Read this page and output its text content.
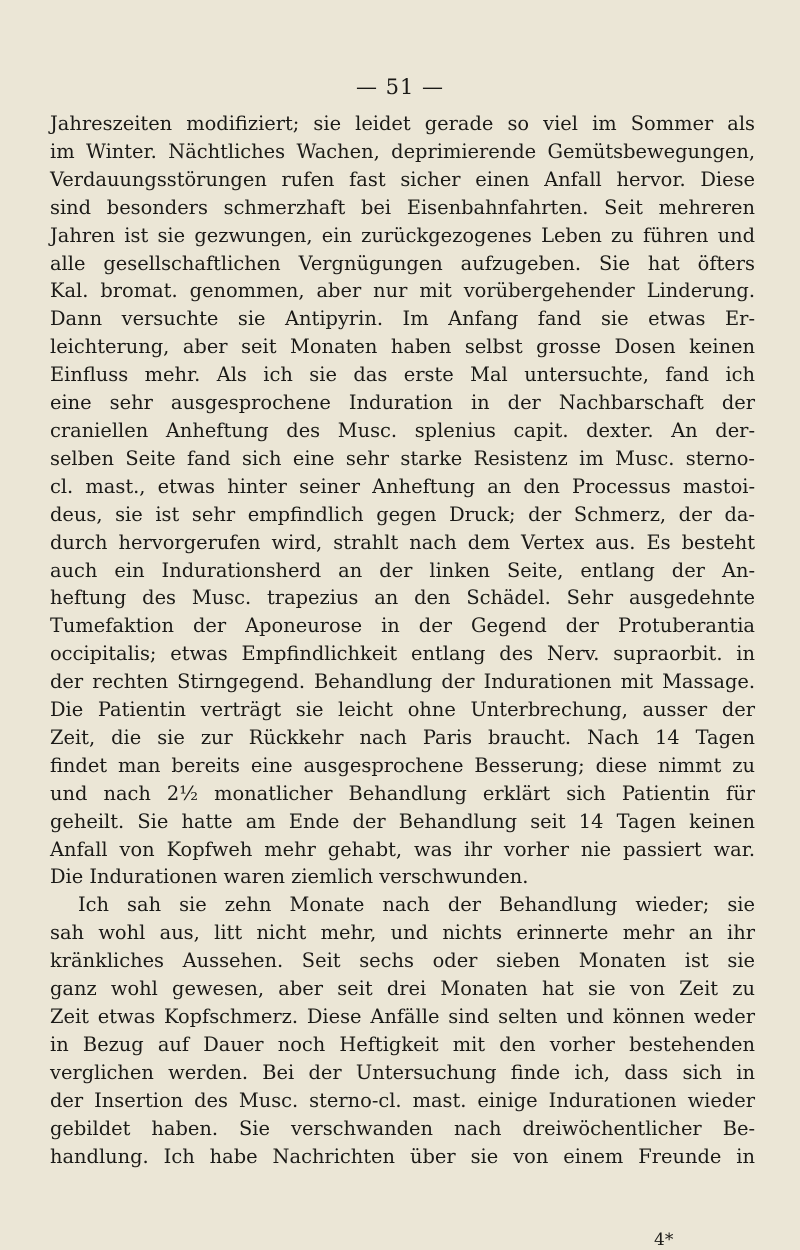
— 51 —
Jahreszeiten modifiziert; sie leidet gerade so viel im Sommer als
im Winter. Nächtliches Wachen, deprimierende Gemütsbewegungen,
Verdauungsstörungen rufen fast sicher einen Anfall hervor. Diese
sind besonders schmerzhaft bei Eisenbahnfahrten. Seit mehreren
Jahren ist sie gezwungen, ein zurückgezogenes Leben zu führen und
alle gesellschaftlichen Vergnügungen aufzugeben. Sie hat öfters
Kal. bromat. genommen, aber nur mit vorübergehender Linderung.
Dann versuchte sie Antipyrin. Im Anfang fand sie etwas Er-
leichterung, aber seit Monaten haben selbst grosse Dosen keinen
Einfluss mehr. Als ich sie das erste Mal untersuchte, fand ich
eine sehr ausgesprochene Induration in der Nachbarschaft der
craniellen Anheftung des Musc. splenius capit. dexter. An der-
selben Seite fand sich eine sehr starke Resistenz im Musc. sterno-
cl. mast., etwas hinter seiner Anheftung an den Processus mastoi-
deus, sie ist sehr empfindlich gegen Druck; der Schmerz, der da-
durch hervorgerufen wird, strahlt nach dem Vertex aus. Es besteht
auch ein Indurationsherd an der linken Seite, entlang der An-
heftung des Musc. trapezius an den Schädel. Sehr ausgedehnte
Tumefaktion der Aponeurose in der Gegend der Protuberantia
occipitalis; etwas Empfindlichkeit entlang des Nerv. supraorbit. in
der rechten Stirngegend. Behandlung der Indurationen mit Massage.
Die Patientin verträgt sie leicht ohne Unterbrechung, ausser der
Zeit, die sie zur Rückkehr nach Paris braucht. Nach 14 Tagen
findet man bereits eine ausgesprochene Besserung; diese nimmt zu
und nach 2½ monatlicher Behandlung erklärt sich Patientin für
geheilt. Sie hatte am Ende der Behandlung seit 14 Tagen keinen
Anfall von Kopfweh mehr gehabt, was ihr vorher nie passiert war.
Die Indurationen waren ziemlich verschwunden.
Ich sah sie zehn Monate nach der Behandlung wieder; sie
sah wohl aus, litt nicht mehr, und nichts erinnerte mehr an ihr
kränkliches Aussehen. Seit sechs oder sieben Monaten ist sie
ganz wohl gewesen, aber seit drei Monaten hat sie von Zeit zu
Zeit etwas Kopfschmerz. Diese Anfälle sind selten und können weder
in Bezug auf Dauer noch Heftigkeit mit den vorher bestehenden
verglichen werden. Bei der Untersuchung finde ich, dass sich in
der Insertion des Musc. sterno-cl. mast. einige Indurationen wieder
gebildet haben. Sie verschwanden nach dreiwöchentlicher Be-
handlung. Ich habe Nachrichten über sie von einem Freunde in
4*
